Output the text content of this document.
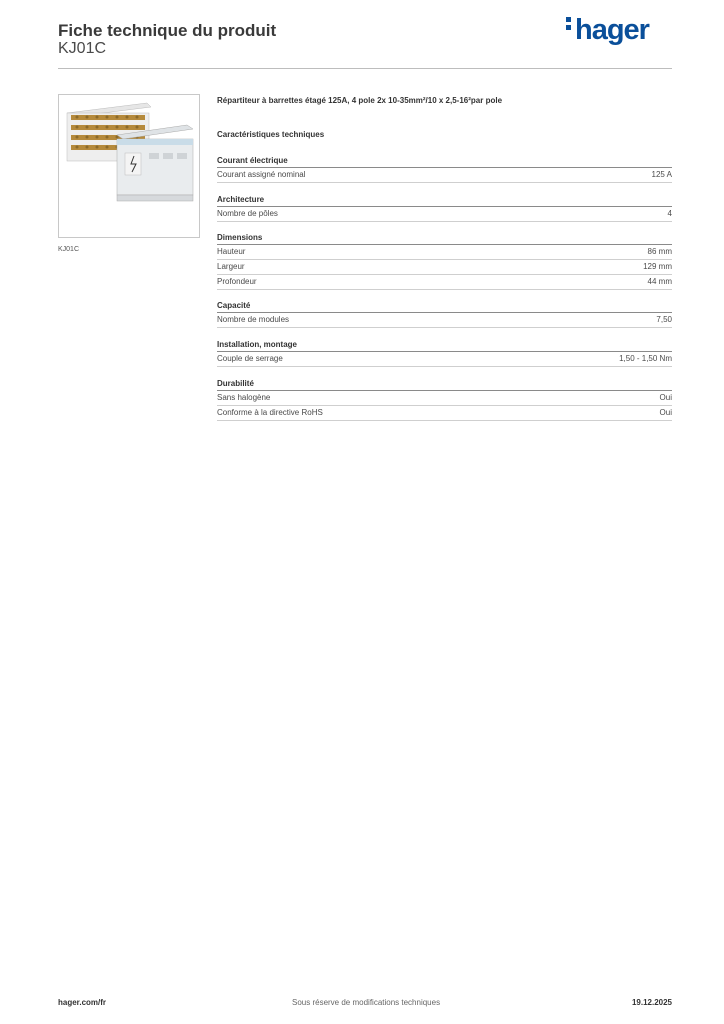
Fiche technique du produit
KJ01C
hager
KJ01C
Répartiteur à barrettes étagé 125A, 4 pole 2x 10-35mm²/10 x 2,5-16²par pole
Caractéristiques techniques
Courant électrique
Courant assigné nominal	125 A
Architecture
Nombre de pôles	4
Dimensions
Hauteur	86 mm
Largeur	129 mm
Profondeur	44 mm
Capacité
Nombre de modules	7,50
Installation, montage
Couple de serrage	1,50 - 1,50 Nm
Durabilité
Sans halogène	Oui
Conforme à la directive RoHS	Oui
hager.com/fr	Sous réserve de modifications techniques	19.12.2025
